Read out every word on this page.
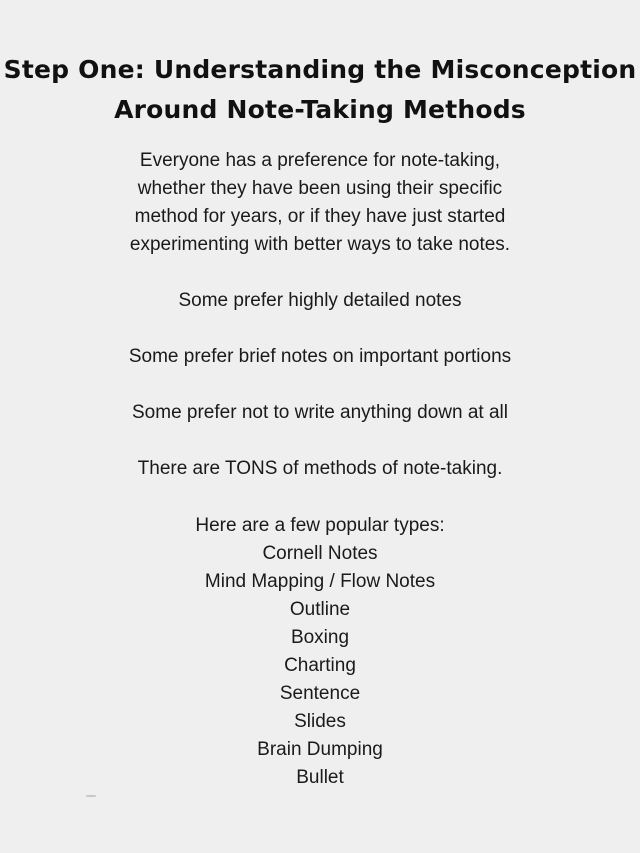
Step One: Understanding the Misconception
Around Note-Taking Methods
Everyone has a preference for note-taking,
whether they have been using their specific
method for years, or if they have just started
experimenting with better ways to take notes.
Some prefer highly detailed notes
Some prefer brief notes on important portions
Some prefer not to write anything down at all
There are TONS of methods of note-taking.
Here are a few popular types:
Cornell Notes
Mind Mapping / Flow Notes
Outline
Boxing
Charting
Sentence
Slides
Brain Dumping
Bullet
